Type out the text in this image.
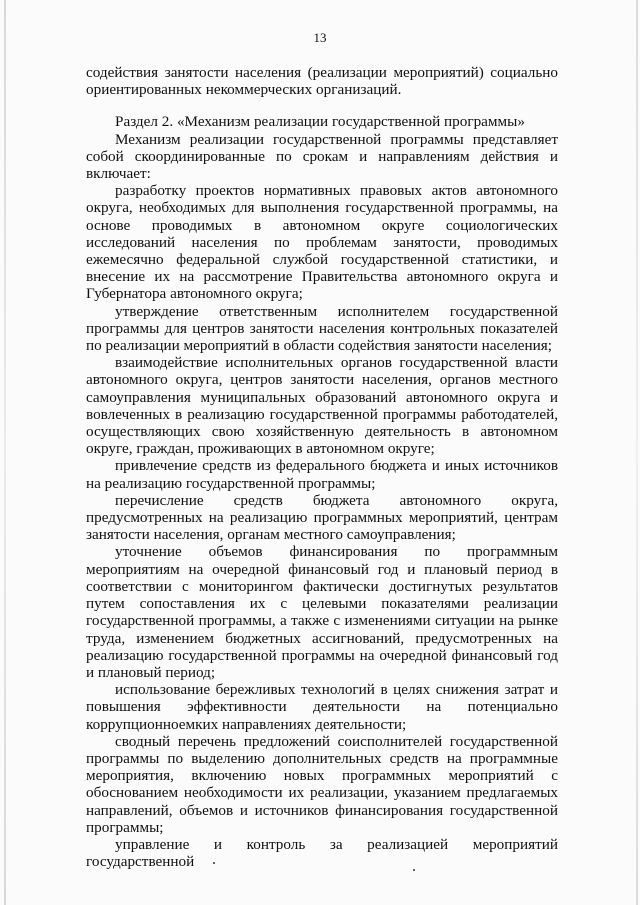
13

содействия занятости населения (реализации мероприятий) социально ориентированных некоммерческих организаций.

Раздел 2. «Механизм реализации государственной программы»

Механизм реализации государственной программы представляет собой скоординированные по срокам и направлениям действия и включает:

разработку проектов нормативных правовых актов автономного округа, необходимых для выполнения государственной программы, на основе проводимых в автономном округе социологических исследований населения по проблемам занятости, проводимых ежемесячно федеральной службой государственной статистики, и внесение их на рассмотрение Правительства автономного округа и Губернатора автономного округа;

утверждение ответственным исполнителем государственной программы для центров занятости населения контрольных показателей по реализации мероприятий в области содействия занятости населения;

взаимодействие исполнительных органов государственной власти автономного округа, центров занятости населения, органов местного самоуправления муниципальных образований автономного округа и вовлеченных в реализацию государственной программы работодателей, осуществляющих свою хозяйственную деятельность в автономном округе, граждан, проживающих в автономном округе;

привлечение средств из федерального бюджета и иных источников на реализацию государственной программы;

перечисление средств бюджета автономного округа, предусмотренных на реализацию программных мероприятий, центрам занятости населения, органам местного самоуправления;

уточнение объемов финансирования по программным мероприятиям на очередной финансовый год и плановый период в соответствии с мониторингом фактически достигнутых результатов путем сопоставления их с целевыми показателями реализации государственной программы, а также с изменениями ситуации на рынке труда, изменением бюджетных ассигнований, предусмотренных на реализацию государственной программы на очередной финансовый год и плановый период;

использование бережливых технологий в целях снижения затрат и повышения эффективности деятельности на потенциально коррупционноемких направлениях деятельности;

сводный перечень предложений соисполнителей государственной программы по выделению дополнительных средств на программные мероприятия, включению новых программных мероприятий с обоснованием необходимости их реализации, указанием предлагаемых направлений, объемов и источников финансирования государственной программы;

управление и контроль за реализацией мероприятий государственной
